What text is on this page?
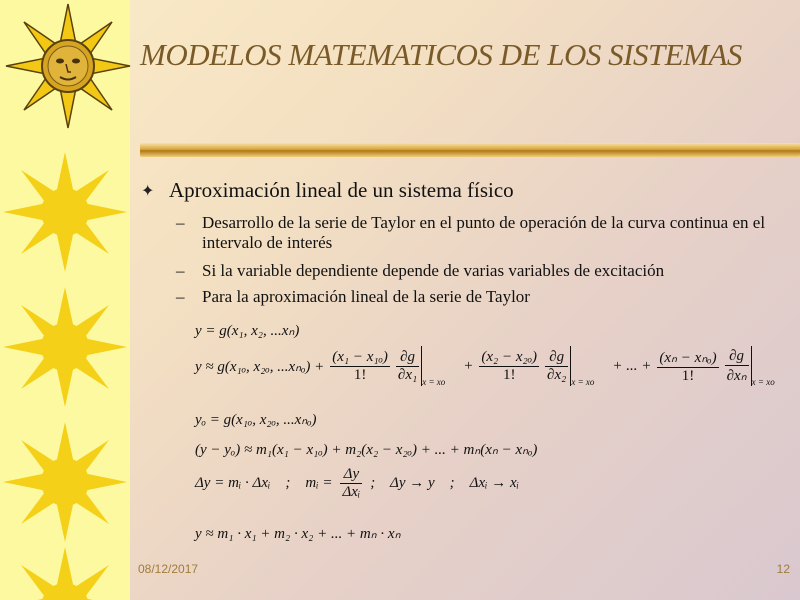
MODELOS MATEMATICOS DE LOS SISTEMAS
✦ Aproximación lineal de un sistema físico
–	Desarrollo de la serie de Taylor en el punto de operación de la curva continua en el intervalo de interés
–	Si la variable dependiente depende de varias variables de excitación
–	Para la aproximación lineal de la serie de Taylor
y = g(x₁, x₂, ...xₙ)
y ≈ g(x₁ₒ, x₂ₒ, $...x_{no}) + \frac{\text{(x₁ − x₁ₒ)}}{1!} \frac{\partial g}{\text{∂x₁}}$ x = xo
+ $\frac{\text{(x₂ − x₂ₒ)}}{1!} \frac{\partial g}{\text{∂x₂}}$ x = xo
+ ... + $\frac{\text{(xₙ − xₙₒ)}}{1!} \frac{\partial g}{\text{∂xₙ}}$ x = xo
yₒ = g(x₁ₒ, x₂ₒ, ...xₙₒ)
(y − yₒ) ≈ m₁(x₁ − x₁ₒ) + m₂(x₂ − x₂ₒ) + ... + mₙ(xₙ − xₙₒ)
Δy = mᵢ · Δxᵢ    ;    mᵢ = $\frac{\Delta y}{\text{Δxᵢ}}$ ;    Δy → y    ;    Δxᵢ → xᵢ
y ≈ m₁ · x₁ + m₂ · x₂ + ... + mₙ · xₙ
08/12/2017	12
